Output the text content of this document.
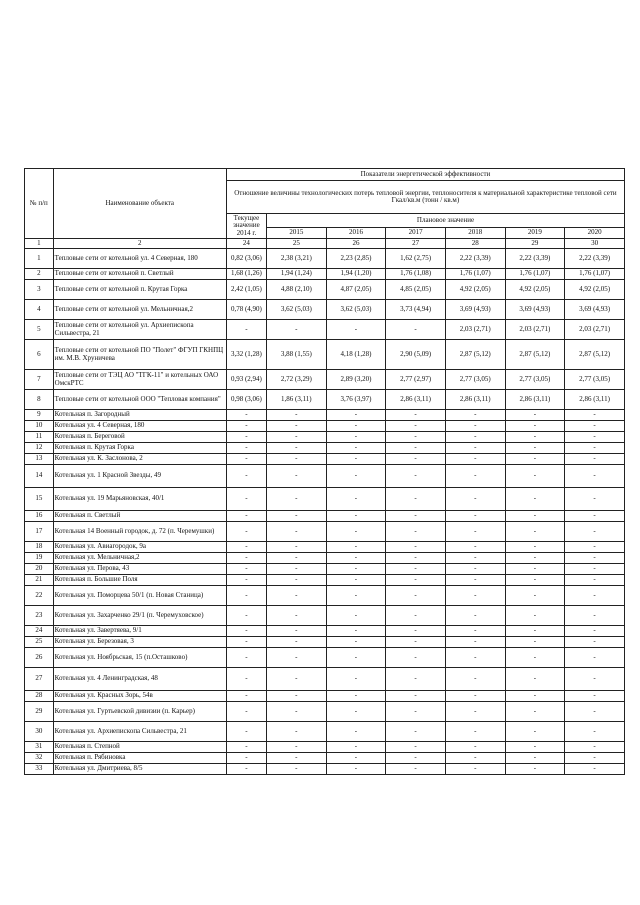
№ п/п	Наименование объекта	Показатели энергетической эффективности						
		Отношение величины технологических потерь тепловой энергии, теплоносителя к материальной характеристике тепловой сети Гкал/кв.м (тонн / кв.м)						
		Текущее значение 2014 г.	Плановое значение					
			2015	2016	2017	2018	2019	2020
1	2	24	25	26	27	28	29	30
1	Тепловые сети от котельной ул. 4 Северная, 180	0,82 (3,06)	2,38 (3,21)	2,23 (2,85)	1,62 (2,75)	2,22 (3,39)	2,22 (3,39)	2,22 (3,39)
2	Тепловые сети от котельной п. Светлый	1,68 (1,26)	1,94 (1,24)	1,94 (1,20)	1,76 (1,08)	1,76 (1,07)	1,76 (1,07)	1,76 (1,07)
3	Тепловые сети от котельной п. Крутая Горка	2,42 (1,05)	4,88 (2,10)	4,87 (2,05)	4,85 (2,05)	4,92 (2,05)	4,92 (2,05)	4,92 (2,05)
4	Тепловые сети от котельной ул. Мельничная,2	0,78 (4,90)	3,62 (5,03)	3,62 (5,03)	3,73 (4,94)	3,69 (4,93)	3,69 (4,93)	3,69 (4,93)
5	Тепловые сети от котельной ул. Архиепископа Сильвестра, 21	-	-	-	-	2,03 (2,71)	2,03 (2,71)	2,03 (2,71)
6	Тепловые сети от котельной ПО "Полет" ФГУП ГКНПЦ им. М.В. Хруничева	3,32 (1,28)	3,88 (1,55)	4,18 (1,28)	2,90 (5,09)	2,87 (5,12)	2,87 (5,12)	2,87 (5,12)
7	Тепловые сети от ТЭЦ АО "ТГК-11" и котельных ОАО ОмскРТС	0,93 (2,94)	2,72 (3,29)	2,89 (3,20)	2,77 (2,97)	2,77 (3,05)	2,77 (3,05)	2,77 (3,05)
8	Тепловые сети от котельной ООО "Тепловая компания"	0,98 (3,06)	1,86 (3,11)	3,76 (3,97)	2,86 (3,11)	2,86 (3,11)	2,86 (3,11)	2,86 (3,11)
9	Котельная п. Загородный	-	-	-	-	-	-	-
10	Котельная ул. 4 Северная, 180	-	-	-	-	-	-	-
11	Котельная п. Береговой	-	-	-	-	-	-	-
12	Котельная п. Крутая Горка	-	-	-	-	-	-	-
13	Котельная ул. К. Заслонова, 2	-	-	-	-	-	-	-
14	Котельная ул. 1 Красной Звезды, 49	-	-	-	-	-	-	-
15	Котельная ул. 19 Марьяновская, 40/1	-	-	-	-	-	-	-
16	Котельная п. Светлый	-	-	-	-	-	-	-
17	Котельная 14 Военный городок, д. 72 (п. Черемушки)	-	-	-	-	-	-	-
18	Котельная ул. Авиагородок, 9а	-	-	-	-	-	-	-
19	Котельная ул. Мельничная,2	-	-	-	-	-	-	-
20	Котельная ул. Перова, 43	-	-	-	-	-	-	-
21	Котельная п. Большие Поля	-	-	-	-	-	-	-
22	Котельная ул. Поморцева 50/1 (п. Новая Станица)	-	-	-	-	-	-	-
23	Котельная ул. Захарченко 29/1 (п. Черемуховское)	-	-	-	-	-	-	-
24	Котельная ул. Завертяева, 9/1	-	-	-	-	-	-	-
25	Котельная ул. Березовая, 3	-	-	-	-	-	-	-
26	Котельная ул. Ноябрьская, 15 (п.Осташково)	-	-	-	-	-	-	-
27	Котельная ул. 4 Ленинградская, 48	-	-	-	-	-	-	-
28	Котельная ул. Красных Зорь, 54в	-	-	-	-	-	-	-
29	Котельная ул. Гуртьевской дивизии (п. Карьер)	-	-	-	-	-	-	-
30	Котельная ул. Архиепископа Сильвестра, 21	-	-	-	-	-	-	-
31	Котельная п. Степной	-	-	-	-	-	-	-
32	Котельная п. Рябиновка	-	-	-	-	-	-	-
33	Котельная ул. Дмитриева, 8/5	-	-	-	-	-	-	-
